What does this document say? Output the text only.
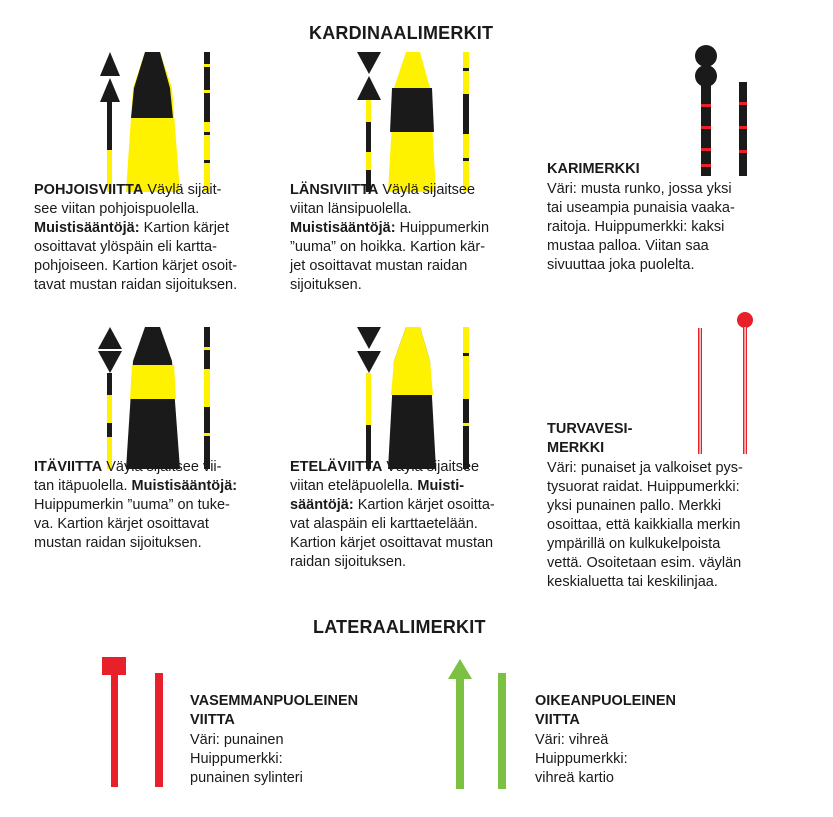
KARDINAALIMERKIT
LATERAALIMERKIT
POHJOISVIITTA Väylä sijait-
see viitan pohjoispuolella.
Muistisääntöjä: Kartion kärjet
osoittavat ylöspäin eli kartta-
pohjoiseen. Kartion kärjet osoit-
tavat mustan raidan sijoituksen.
LÄNSIVIITTA Väylä sijaitsee
viitan länsipuolella.
Muistisääntöjä: Huippumerkin
”uuma” on hoikka. Kartion kär-
jet osoittavat mustan raidan
sijoituksen.
KARIMERKKI
Väri: musta runko, jossa yksi
tai useampia punaisia vaaka-
raitoja. Huippumerkki: kaksi
mustaa palloa. Viitan saa
sivuuttaa joka puolelta.
ITÄVIITTA Väylä sijaitsee vii-
tan itäpuolella. Muistisääntöjä:
Huippumerkin ”uuma” on tuke-
va. Kartion kärjet osoittavat
mustan raidan sijoituksen.
ETELÄVIITTA Väylä sijaitsee
viitan eteläpuolella. Muisti-
sääntöjä: Kartion kärjet osoitta-
vat alaspäin eli karttaetelään.
Kartion kärjet osoittavat mustan
raidan sijoituksen.
TURVAVESI-
MERKKI
Väri: punaiset ja valkoiset pys-
tysuorat raidat. Huippumerkki:
yksi punainen pallo. Merkki
osoittaa, että kaikkialla merkin
ympärillä on kulkukelpoista
vettä. Osoitetaan esim. väylän
keskialuetta tai keskilinjaa.
VASEMMANPUOLEINEN
VIITTA
Väri: punainen
Huippumerkki:
punainen sylinteri
OIKEANPUOLEINEN
VIITTA
Väri: vihreä
Huippumerkki:
vihreä kartio
